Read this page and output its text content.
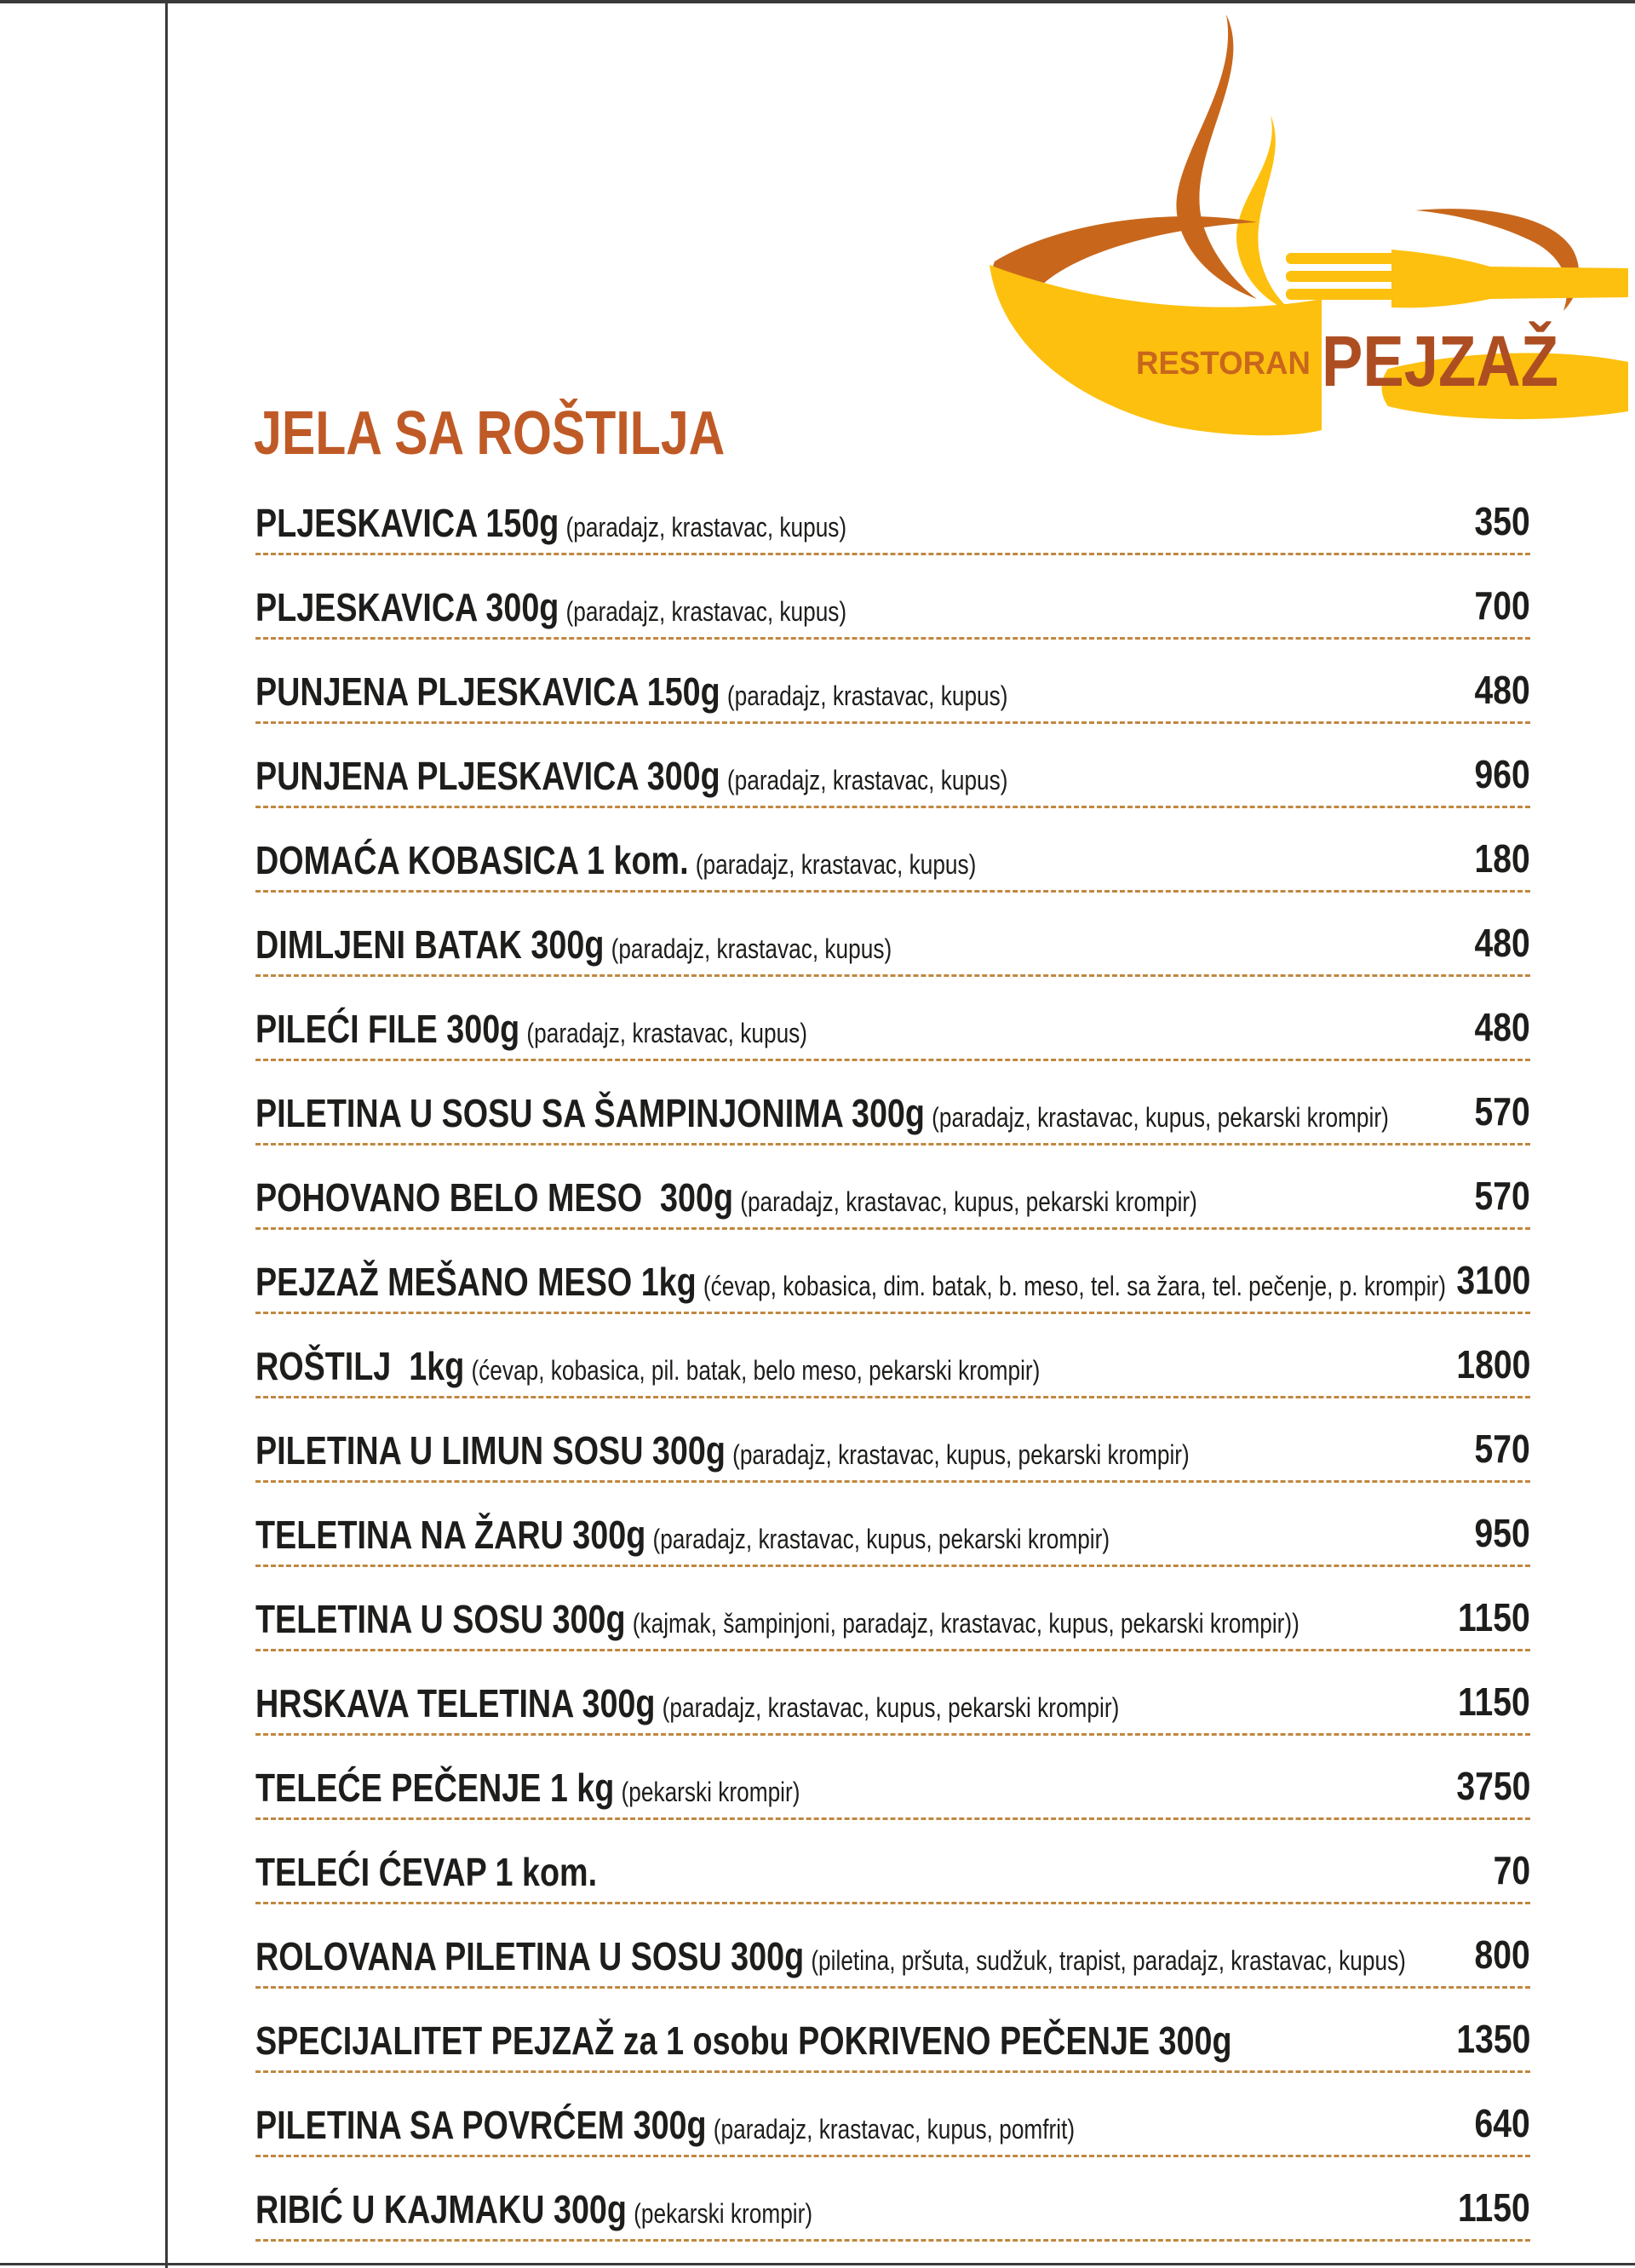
RESTORAN PEJZAŽ
JELA SA ROŠTILJA
PLJESKAVICA 150g (paradajz, krastavac, kupus)	350
PLJESKAVICA 300g (paradajz, krastavac, kupus)	700
PUNJENA PLJESKAVICA 150g (paradajz, krastavac, kupus)	480
PUNJENA PLJESKAVICA 300g (paradajz, krastavac, kupus)	960
DOMAĆA KOBASICA 1 kom. (paradajz, krastavac, kupus)	180
DIMLJENI BATAK 300g (paradajz, krastavac, kupus)	480
PILEĆI FILE 300g (paradajz, krastavac, kupus)	480
PILETINA U SOSU SA ŠAMPINJONIMA 300g (paradajz, krastavac, kupus, pekarski krompir) 570
POHOVANO BELO MESO  300g (paradajz, krastavac, kupus, pekarski krompir)	570
PEJZAŽ MEŠANO MESO 1kg (ćevap, kobasica, dim. batak, b. meso, tel. sa žara, tel. pečenje, p. krompir) 3100
ROŠTILJ  1kg (ćevap, kobasica, pil. batak, belo meso, pekarski krompir)	1800
PILETINA U LIMUN SOSU 300g (paradajz, krastavac, kupus, pekarski krompir)	570
TELETINA NA ŽARU 300g (paradajz, krastavac, kupus, pekarski krompir)	950
TELETINA U SOSU 300g (kajmak, šampinjoni, paradajz, krastavac, kupus, pekarski krompir))	1150
HRSKAVA TELETINA 300g (paradajz, krastavac, kupus, pekarski krompir)	1150
TELEĆE PEČENJE 1 kg (pekarski krompir)	3750
TELEĆI ĆEVAP 1 kom.	70
ROLOVANA PILETINA U SOSU 300g (piletina, pršuta, sudžuk, trapist, paradajz, krastavac, kupus) 800
SPECIJALITET PEJZAŽ za 1 osobu POKRIVENO PEČENJE 300g	1350
PILETINA SA POVRĆEM 300g (paradajz, krastavac, kupus, pomfrit)	640
RIBIĆ U KAJMAKU 300g (pekarski krompir)	1150
